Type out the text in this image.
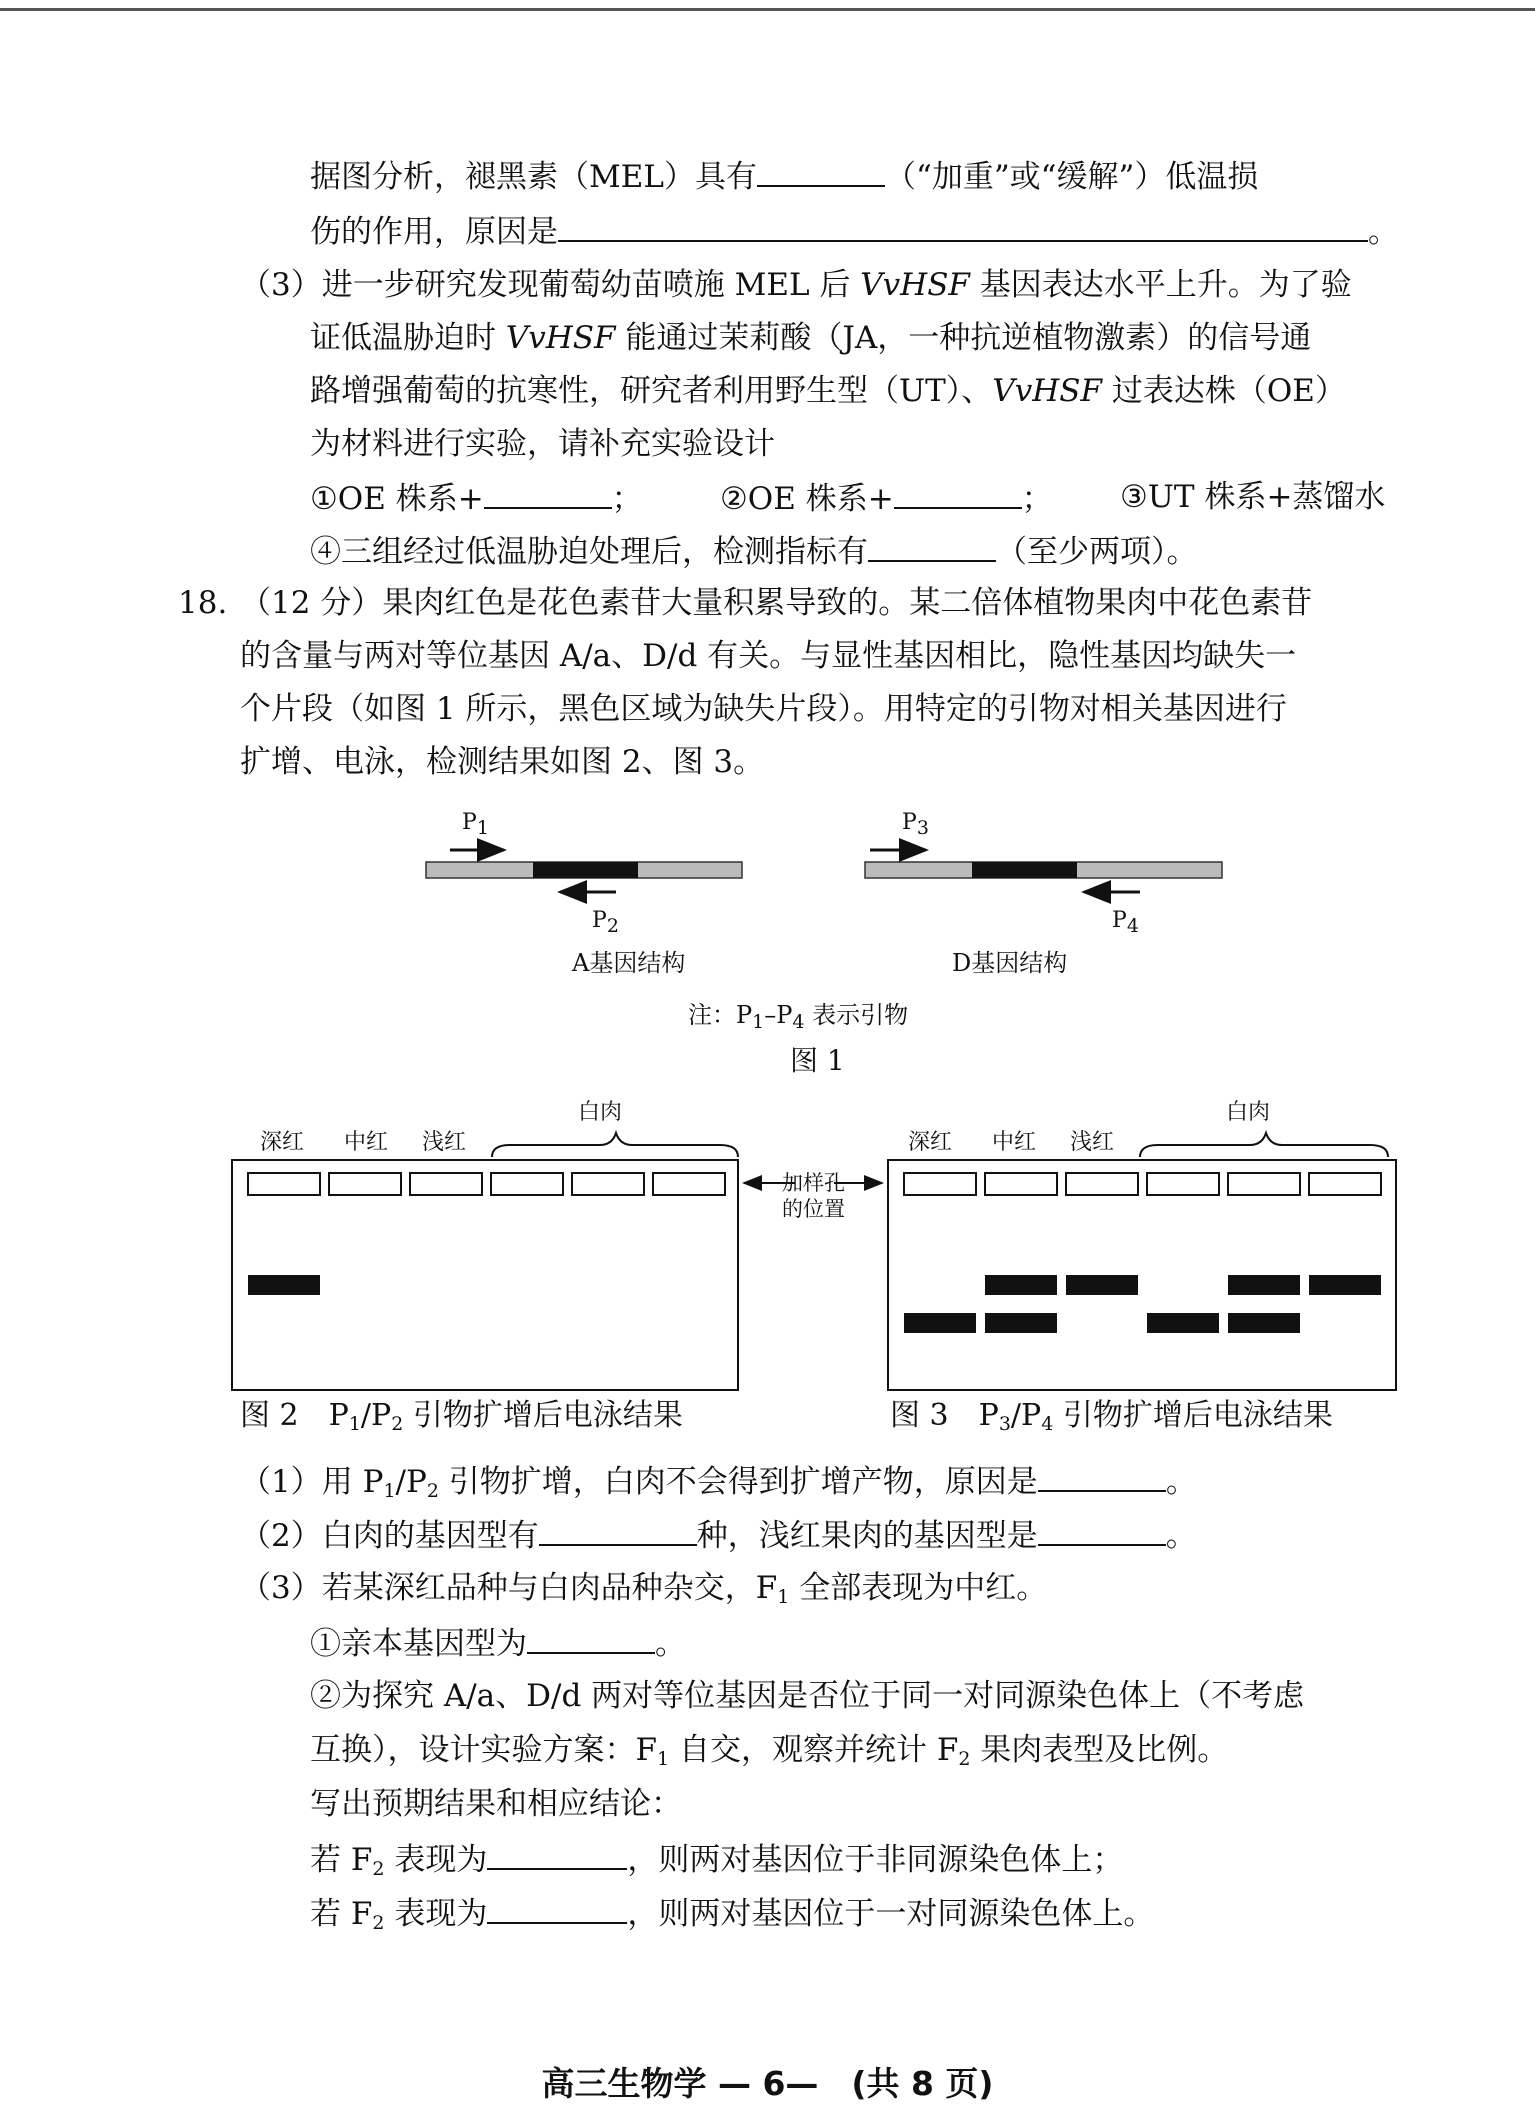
据图分析，褪黑素（MEL）具有	（“加重”或“缓解”）低温损
伤的作用，原因是	。
（3）进一步研究发现葡萄幼苗喷施 MEL 后 VvHSF 基因表达水平上升。为了验
证低温胁迫时 VvHSF 能通过茉莉酸（JA，一种抗逆植物激素）的信号通
路增强葡萄的抗寒性，研究者利用野生型（UT）、VvHSF 过表达株（OE）
为材料进行实验，请补充实验设计
①OE 株系+	； ②OE 株系+	； ③UT 株系+蒸馏水
④三组经过低温胁迫处理后，检测指标有	（至少两项）。
18. （12 分）果肉红色是花色素苷大量积累导致的。某二倍体植物果肉中花色素苷
的含量与两对等位基因 A/a、D/d 有关。与显性基因相比，隐性基因均缺失一
个片段（如图 1 所示，黑色区域为缺失片段）。用特定的引物对相关基因进行
扩增、电泳，检测结果如图 2、图 3。
$P_1$
$P_2$
$P_3$
$P_4$
A基因结构	D基因结构
注：$P_1-P_4$ 表示引物
图 1
深红 中红 浅红
白肉
深红 中红 浅红
白肉
加样孔
的位置
图 2　$P_1/P_2$ 引物扩增后电泳结果	图 3　$P_3/P_4$ 引物扩增后电泳结果
（1）用 $P_1/P_2$ 引物扩增，白肉不会得到扩增产物，原因是	。
（2）白肉的基因型有	种，浅红果肉的基因型是	。
（3）若某深红品种与白肉品种杂交，$F_1$ 全部表现为中红。
①亲本基因型为	。
②为探究 A/a、D/d 两对等位基因是否位于同一对同源染色体上（不考虑
互换），设计实验方案：$F_1$ 自交，观察并统计 $F_2$ 果肉表型及比例。
写出预期结果和相应结论：
若 $F_2$ 表现为	，则两对基因位于非同源染色体上；
若 $F_2$ 表现为	，则两对基因位于一对同源染色体上。
高三生物学 — 6—　(共 8 页)
